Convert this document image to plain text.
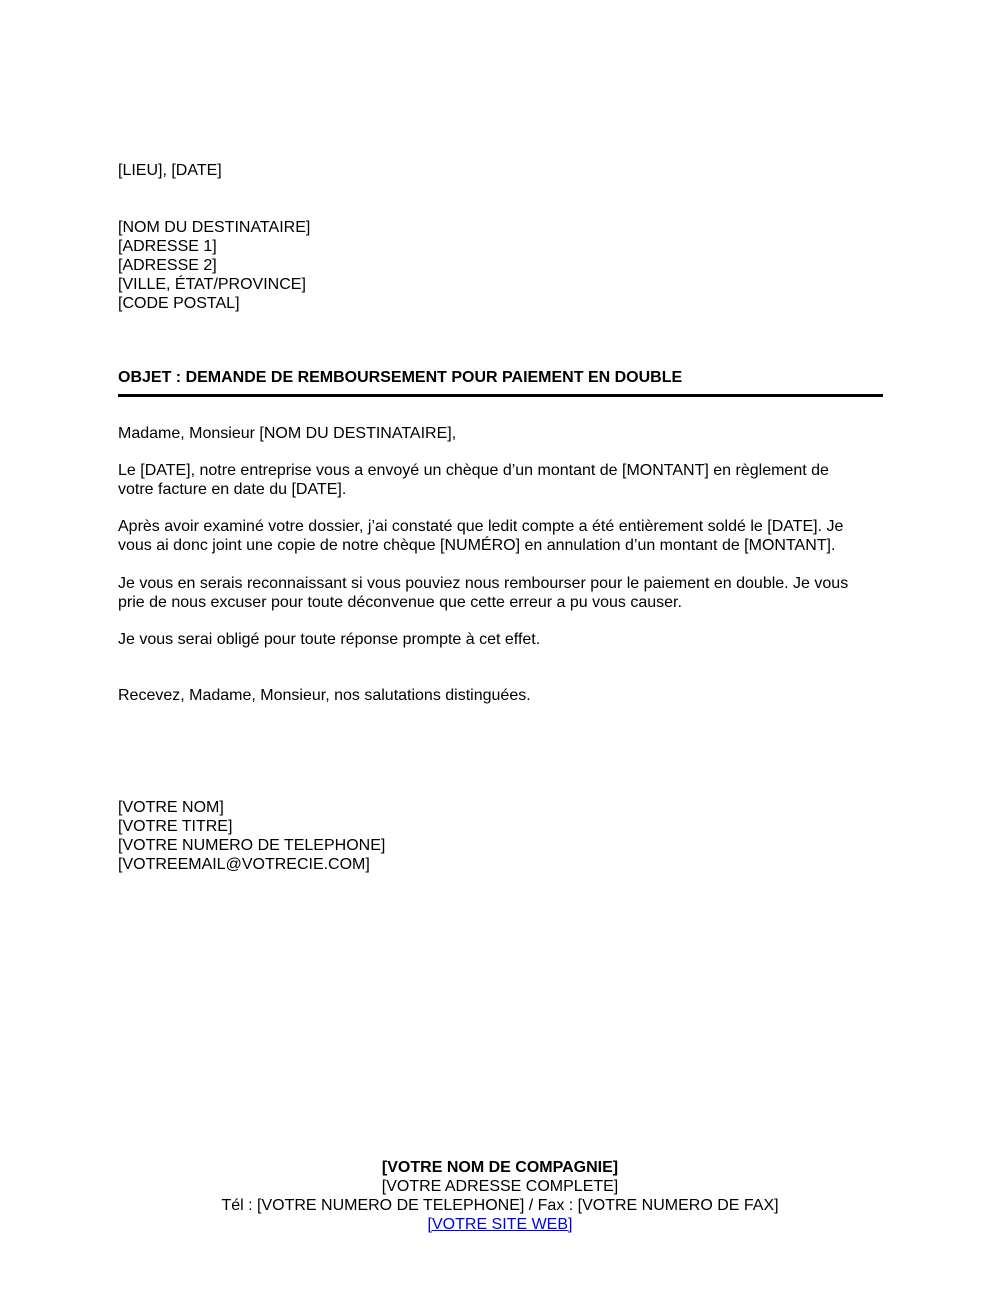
[LIEU], [DATE]
[NOM DU DESTINATAIRE]
[ADRESSE 1]
[ADRESSE 2]
[VILLE, ÉTAT/PROVINCE]
[CODE POSTAL]
OBJET : DEMANDE DE REMBOURSEMENT POUR PAIEMENT EN DOUBLE
Madame, Monsieur [NOM DU DESTINATAIRE],
Le [DATE], notre entreprise vous a envoyé un chèque d’un montant de [MONTANT] en règlement de
votre facture en date du [DATE].
Après avoir examiné votre dossier, j’ai constaté que ledit compte a été entièrement soldé le [DATE]. Je
vous ai donc joint une copie de notre chèque [NUMÉRO] en annulation d’un montant de [MONTANT].
Je vous en serais reconnaissant si vous pouviez nous rembourser pour le paiement en double. Je vous
prie de nous excuser pour toute déconvenue que cette erreur a pu vous causer.
Je vous serai obligé pour toute réponse prompte à cet effet.
Recevez, Madame, Monsieur, nos salutations distinguées.
[VOTRE NOM]
[VOTRE TITRE]
[VOTRE NUMERO DE TELEPHONE]
[VOTREEMAIL@VOTRECIE.COM]
[VOTRE NOM DE COMPAGNIE]
[VOTRE ADRESSE COMPLETE]
Tél : [VOTRE NUMERO DE TELEPHONE] / Fax : [VOTRE NUMERO DE FAX]
[VOTRE SITE WEB]
